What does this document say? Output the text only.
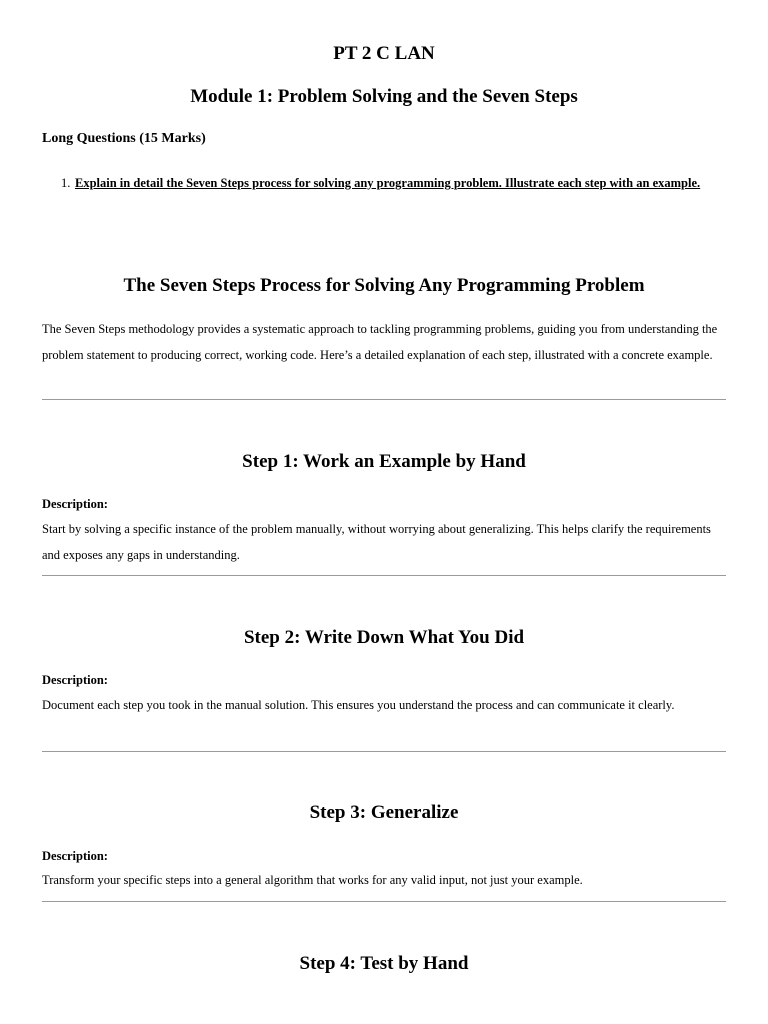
PT 2 C LAN
Module 1: Problem Solving and the Seven Steps
Long Questions (15 Marks)
1. Explain in detail the Seven Steps process for solving any programming problem. Illustrate each step with an example.
The Seven Steps Process for Solving Any Programming Problem

The Seven Steps methodology provides a systematic approach to tackling programming problems, guiding you from understanding the problem statement to producing correct, working code. Here’s a detailed explanation of each step, illustrated with a concrete example.

Step 1: Work an Example by Hand
Description:

Start by solving a specific instance of the problem manually, without worrying about generalizing. This helps clarify the requirements and exposes any gaps in understanding.

Step 2: Write Down What You Did
Description:

Document each step you took in the manual solution. This ensures you understand the process and can communicate it clearly.

Step 3: Generalize
Description:

Transform your specific steps into a general algorithm that works for any valid input, not just your example.

Step 4: Test by Hand
